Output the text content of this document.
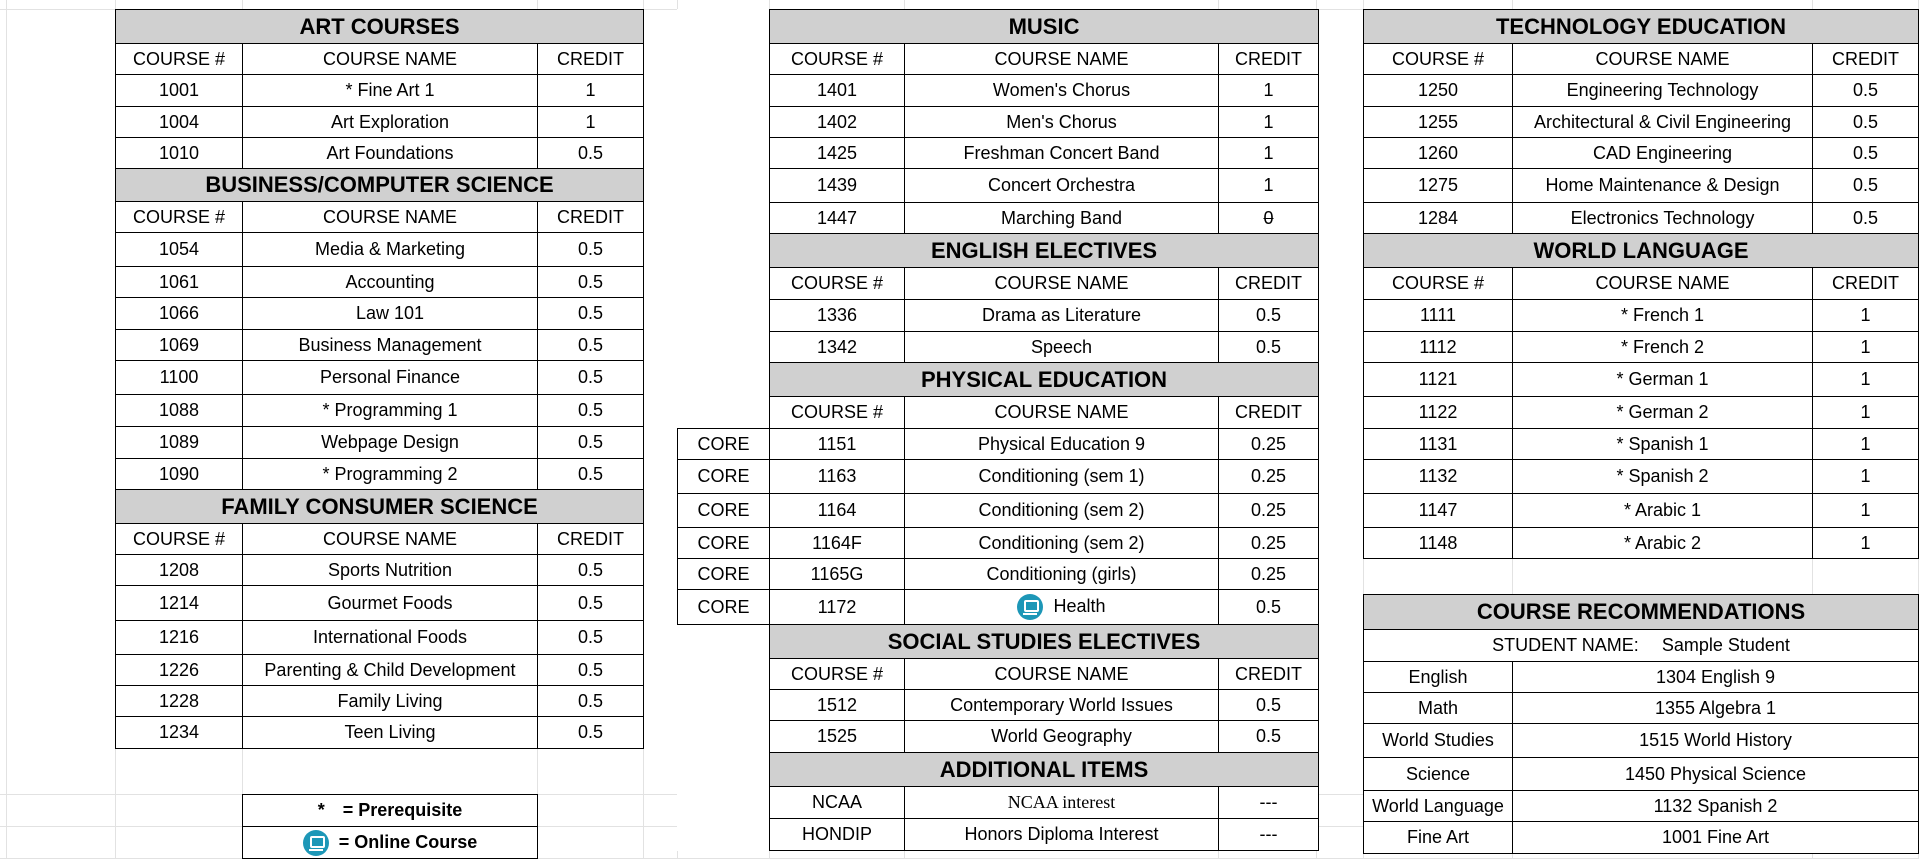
ART COURSES		
COURSE #	COURSE NAME	CREDIT
1001	* Fine Art 1	1
1004	Art Exploration	1
1010	Art Foundations	0.5
BUSINESS/COMPUTER SCIENCE		
COURSE #	COURSE NAME	CREDIT
1054	Media & Marketing	0.5
1061	Accounting	0.5
1066	Law 101	0.5
1069	Business Management	0.5
1100	Personal Finance	0.5
1088	* Programming 1	0.5
1089	Webpage Design	0.5
1090	* Programming 2	0.5
FAMILY CONSUMER SCIENCE		
COURSE #	COURSE NAME	CREDIT
1208	Sports Nutrition	0.5
1214	Gourmet Foods	0.5
1216	International Foods	0.5
1226	Parenting & Child Development	0.5
1228	Family Living	0.5
1234	Teen Living	0.5
* = Prerequisite
= Online Course
	MUSIC		
	COURSE #	COURSE NAME	CREDIT
	1401	Women's Chorus	1
	1402	Men's Chorus	1
	1425	Freshman Concert Band	1
	1439	Concert Orchestra	1
	1447	Marching Band	0
	ENGLISH ELECTIVES		
	COURSE #	COURSE NAME	CREDIT
	1336	Drama as Literature	0.5
	1342	Speech	0.5
	PHYSICAL EDUCATION		
	COURSE #	COURSE NAME	CREDIT
CORE	1151	Physical Education 9	0.25
CORE	1163	Conditioning (sem 1)	0.25
CORE	1164	Conditioning (sem 2)	0.25
CORE	1164F	Conditioning (sem 2)	0.25
CORE	1165G	Conditioning (girls)	0.25
CORE	1172	Health	0.5
	SOCIAL STUDIES ELECTIVES		
	COURSE #	COURSE NAME	CREDIT
	1512	Contemporary World Issues	0.5
	1525	World Geography	0.5
	ADDITIONAL ITEMS		
	NCAA	NCAA interest	---
	HONDIP	Honors Diploma Interest	---
TECHNOLOGY EDUCATION		
COURSE #	COURSE NAME	CREDIT
1250	Engineering Technology	0.5
1255	Architectural & Civil Engineering	0.5
1260	CAD Engineering	0.5
1275	Home Maintenance & Design	0.5
1284	Electronics Technology	0.5
WORLD LANGUAGE		
COURSE #	COURSE NAME	CREDIT
1111	* French 1	1
1112	* French 2	1
1121	* German 1	1
1122	* German 2	1
1131	* Spanish 1	1
1132	* Spanish 2	1
1147	* Arabic 1	1
1148	* Arabic 2	1
COURSE RECOMMENDATIONS	
STUDENT NAME: Sample Student	
English	1304 English 9
Math	1355 Algebra 1
World Studies	1515 World History
Science	1450 Physical Science
World Language	1132 Spanish 2
Fine Art	1001 Fine Art
